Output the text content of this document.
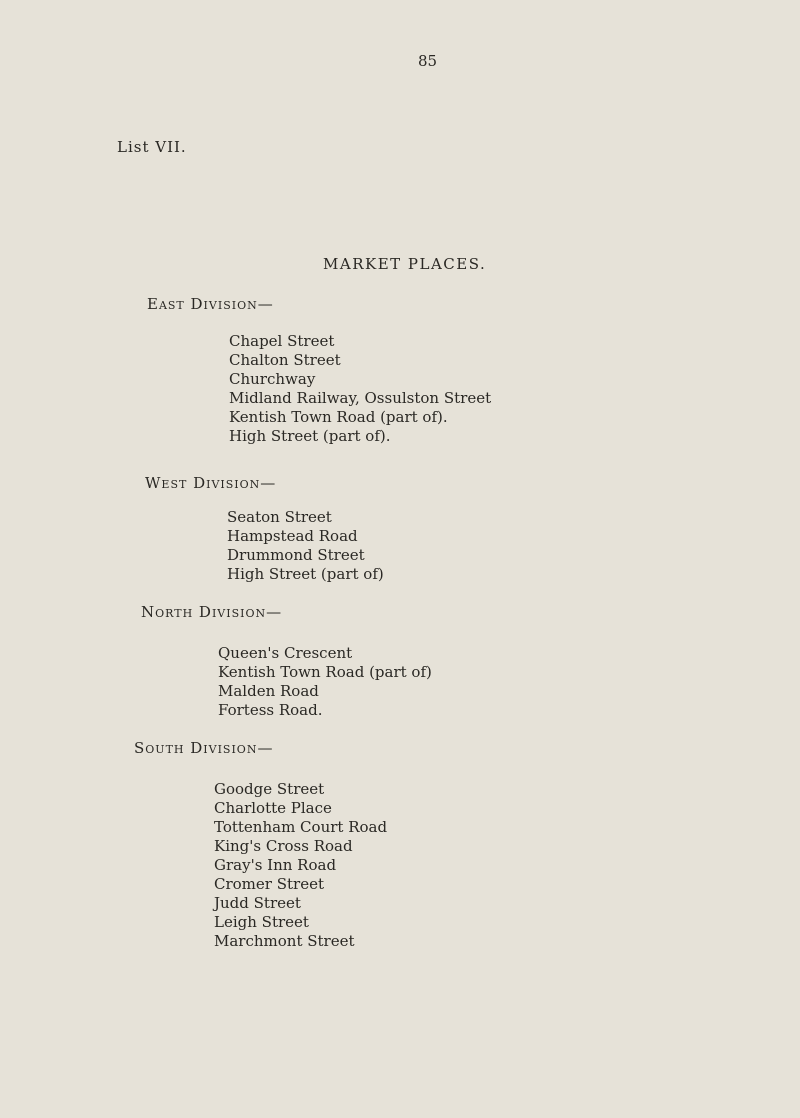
85
List VII.
MARKET PLACES.
East Division—
Chapel Street
Chalton Street
Churchway
Midland Railway, Ossulston Street
Kentish Town Road (part of).
High Street (part of).
West Division—
Seaton Street
Hampstead Road
Drummond Street
High Street (part of)
North Division—
Queen's Crescent
Kentish Town Road (part of)
Malden Road
Fortess Road.
South Division—
Goodge Street
Charlotte Place
Tottenham Court Road
King's Cross Road
Gray's Inn Road
Cromer Street
Judd Street
Leigh Street
Marchmont Street
